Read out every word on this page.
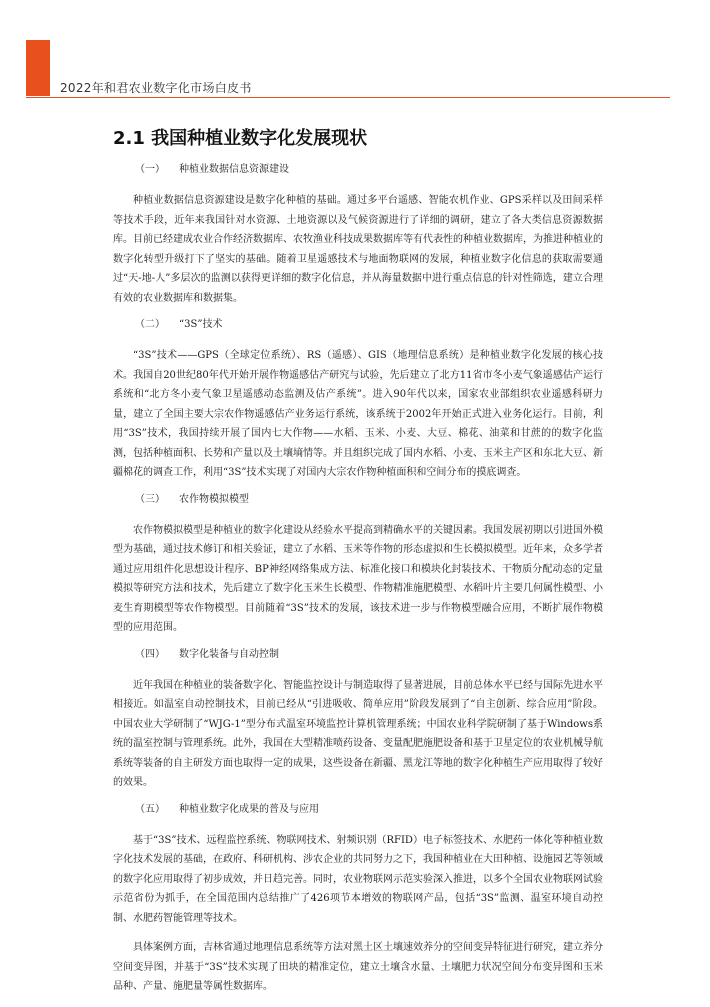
2022年和君农业数字化市场白皮书
2.1 我国种植业数字化发展现状

（一） 种植业数据信息资源建设

种植业数据信息资源建设是数字化种植的基础。通过多平台遥感、智能农机作业、GPS采样以及田间采样等技术手段，近年来我国针对水资源、土地资源以及气候资源进行了详细的调研，建立了各大类信息资源数据库。目前已经建成农业合作经济数据库、农牧渔业科技成果数据库等有代表性的种植业数据库，为推进种植业的数字化转型升级打下了坚实的基础。随着卫星遥感技术与地面物联网的发展，种植业数字化信息的获取需要通过“天-地-人”多层次的监测以获得更详细的数字化信息，并从海量数据中进行重点信息的针对性筛选，建立合理有效的农业数据库和数据集。

（二） “3S”技术

“3S”技术——GPS（全球定位系统）、RS（遥感）、GIS（地理信息系统）是种植业数字化发展的核心技术。我国自20世纪80年代开始开展作物遥感估产研究与试验，先后建立了北方11省市冬小麦气象遥感估产运行系统和“北方冬小麦气象卫星遥感动态监测及估产系统”。进入90年代以来，国家农业部组织农业遥感科研力量，建立了全国主要大宗农作物遥感估产业务运行系统，该系统于2002年开始正式进入业务化运行。目前，利用“3S”技术，我国持续开展了国内七大作物——水稻、玉米、小麦、大豆、棉花、油菜和甘蔗的的数字化监测，包括种植面积、长势和产量以及土壤墒情等。并且组织完成了国内水稻、小麦、玉米主产区和东北大豆、新疆棉花的调查工作，利用“3S”技术实现了对国内大宗农作物种植面积和空间分布的摸底调查。

（三） 农作物模拟模型

农作物模拟模型是种植业的数字化建设从经验水平提高到精确水平的关键因素。我国发展初期以引进国外模型为基础，通过技术修订和相关验证，建立了水稻、玉米等作物的形态虚拟和生长模拟模型。近年来，众多学者通过应用组件化思想设计程序、BP神经网络集成方法、标准化接口和模块化封装技术、干物质分配动态的定量模拟等研究方法和技术，先后建立了数字化玉米生长模型、作物精准施肥模型、水稻叶片主要几何属性模型、小麦生育期模型等农作物模型。目前随着“3S”技术的发展，该技术进一步与作物模型融合应用，不断扩展作物模型的应用范围。

（四） 数字化装备与自动控制

近年我国在种植业的装备数字化、智能监控设计与制造取得了显著进展，目前总体水平已经与国际先进水平相接近。如温室自动控制技术，目前已经从“引进吸收、简单应用”阶段发展到了“自主创新、综合应用”阶段。中国农业大学研制了“WJG-1”型分布式温室环境监控计算机管理系统；中国农业科学院研制了基于Windows系统的温室控制与管理系统。此外，我国在大型精准喷药设备、变量配肥施肥设备和基于卫星定位的农业机械导航系统等装备的自主研发方面也取得一定的成果，这些设备在新疆、黑龙江等地的数字化种植生产应用取得了较好的效果。

（五） 种植业数字化成果的普及与应用

基于“3S”技术、远程监控系统、物联网技术、射频识别（RFID）电子标签技术、水肥药一体化等种植业数字化技术发展的基础，在政府、科研机构、涉农企业的共同努力之下，我国种植业在大田种植、设施园艺等领域的数字化应用取得了初步成效，并日趋完善。同时，农业物联网示范实验深入推进，以多个全国农业物联网试验示范省份为抓手，在全国范围内总结推广了426项节本增效的物联网产品，包括“3S”监测、温室环境自动控制、水肥药智能管理等技术。

具体案例方面，吉林省通过地理信息系统等方法对黑土区土壤速效养分的空间变异特征进行研究，建立养分空间变异图，并基于“3S”技术实现了田块的精准定位，建立土壤含水量、土壤肥力状况空间分布变异图和玉米品种、产量、施肥量等属性数据库。
